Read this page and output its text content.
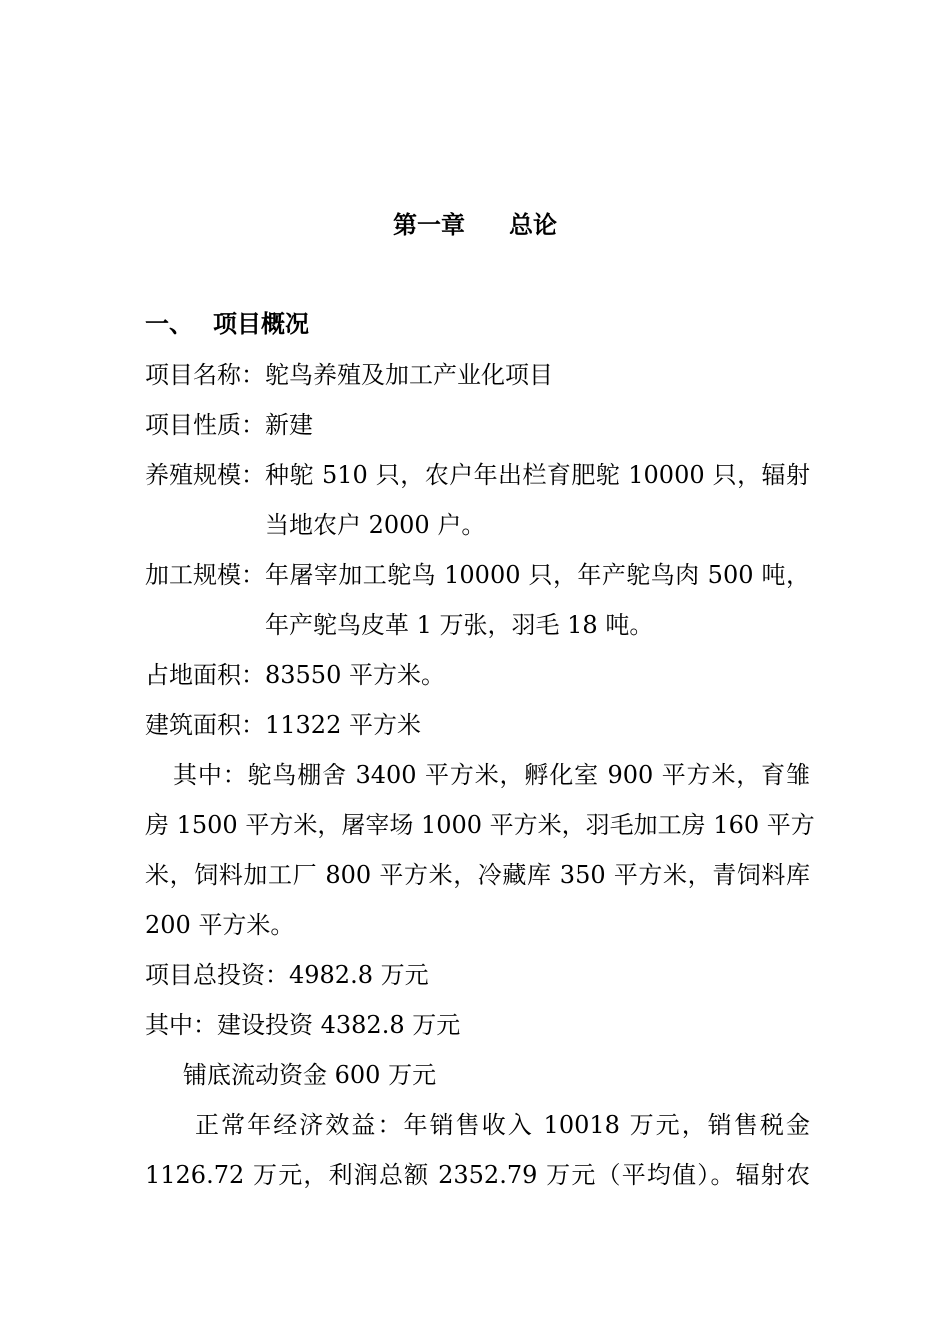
第一章 总论
一、 项目概况
项目名称： 鸵鸟养殖及加工产业化项目
项目性质： 新建
养殖规模： 种鸵 510 只，农户年出栏育肥鸵 10000 只，辐射
当地农户 2000 户。
加工规模： 年屠宰加工鸵鸟 10000 只，年产鸵鸟肉 500 吨，
年产鸵鸟皮革 1 万张，羽毛 18 吨。
占地面积： 83550 平方米。
建筑面积： 11322 平方米
其中：鸵鸟棚舍 3400 平方米，孵化室 900 平方米，育雏
房 1500 平方米，屠宰场 1000 平方米，羽毛加工房 160 平方
米，饲料加工厂 800 平方米，冷藏库 350 平方米，青饲料库
200 平方米。
项目总投资：4982.8 万元
其中：建设投资 4382.8 万元
铺底流动资金 600 万元
正常年经济效益：年销售收入 10018 万元，销售税金
1126.72 万元，利润总额 2352.79 万元（平均值）。辐射农
